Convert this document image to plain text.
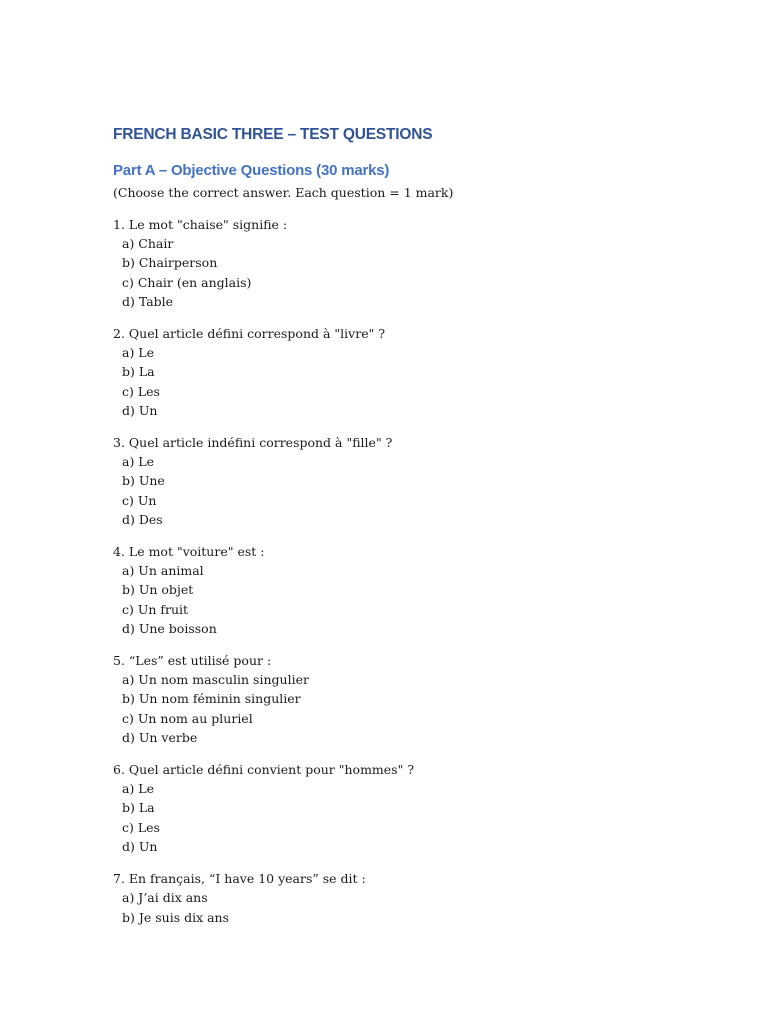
FRENCH BASIC THREE – TEST QUESTIONS
Part A – Objective Questions (30 marks)

(Choose the correct answer. Each question = 1 mark)

1. Le mot "chaise" signifie :
a) Chair
b) Chairperson
c) Chair (en anglais)
d) Table
2. Quel article défini correspond à "livre" ?
a) Le
b) La
c) Les
d) Un
3. Quel article indéfini correspond à "fille" ?
a) Le
b) Une
c) Un
d) Des
4. Le mot "voiture" est :
a) Un animal
b) Un objet
c) Un fruit
d) Une boisson
5. “Les” est utilisé pour :
a) Un nom masculin singulier
b) Un nom féminin singulier
c) Un nom au pluriel
d) Un verbe
6. Quel article défini convient pour "hommes" ?
a) Le
b) La
c) Les
d) Un
7. En français, “I have 10 years” se dit :
a) J’ai dix ans
b) Je suis dix ans
